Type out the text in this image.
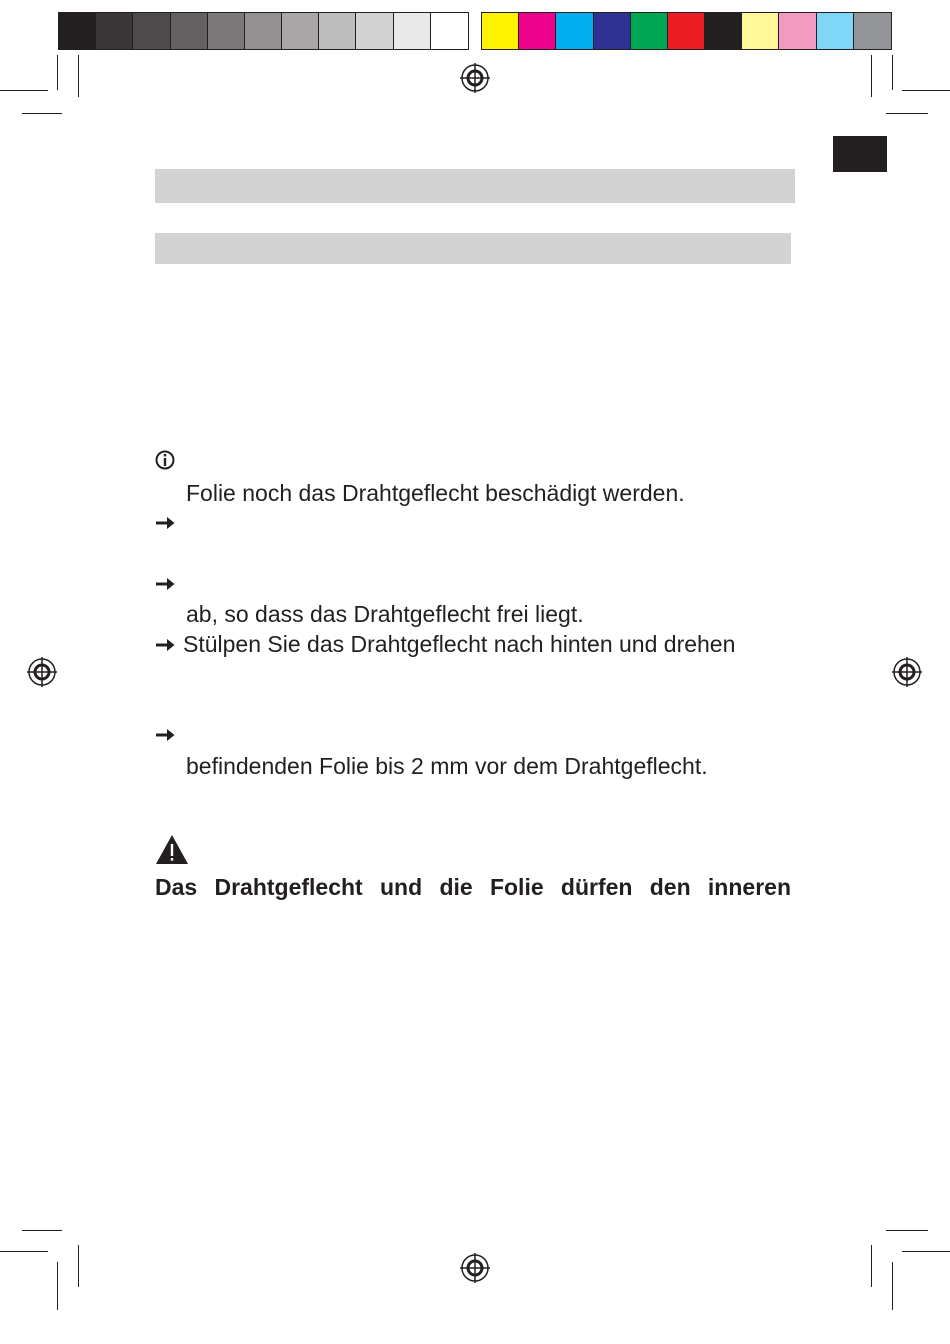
Folie noch das Drahtgeflecht beschädigt werden.
ab, so dass das Drahtgeflecht frei liegt.
Stülpen Sie das Drahtgeflecht nach hinten und drehen
befindenden Folie bis 2 mm vor dem Drahtgeflecht.
Das Drahtgeflecht und die Folie dürfen den inneren
